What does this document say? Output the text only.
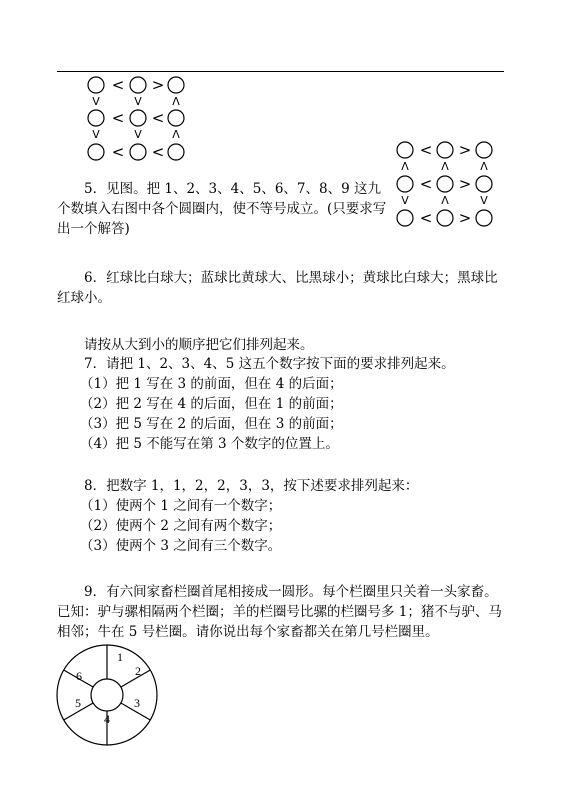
< >
V	V	Λ
< <
V	V	Λ
< <	< >
Λ	Λ	Λ
< >
V	Λ	V
< >

5．见图。把 1、2、3、4、5、6、7、8、9 这九个数填入右图中各个圆圈内，使不等号成立。(只要求写出一个解答)

6．红球比白球大；蓝球比黄球大、比黑球小；黄球比白球大；黑球比红球小。

请按从大到小的顺序把它们排列起来。

7．请把 1、2、3、4、5 这五个数字按下面的要求排列起来。

（1）把 1 写在 3 的前面，但在 4 的后面；

（2）把 2 写在 4 的后面，但在 1 的前面；

（3）把 5 写在 2 的后面，但在 3 的前面；

（4）把 5 不能写在第 3 个数字的位置上。

8．把数字 1，1，2，2，3，3，按下述要求排列起来：

（1）使两个 1 之间有一个数字；

（2）使两个 2 之间有两个数字；

（3）使两个 3 之间有三个数字。

9．有六间家畜栏圈首尾相接成一圆形。每个栏圈里只关着一头家畜。已知：驴与骡相隔两个栏圈；羊的栏圈号比骡的栏圈号多 1；猪不与驴、马相邻；牛在 5 号栏圈。请你说出每个家畜都关在第几号栏圈里。

1
2
3
4
5
6
